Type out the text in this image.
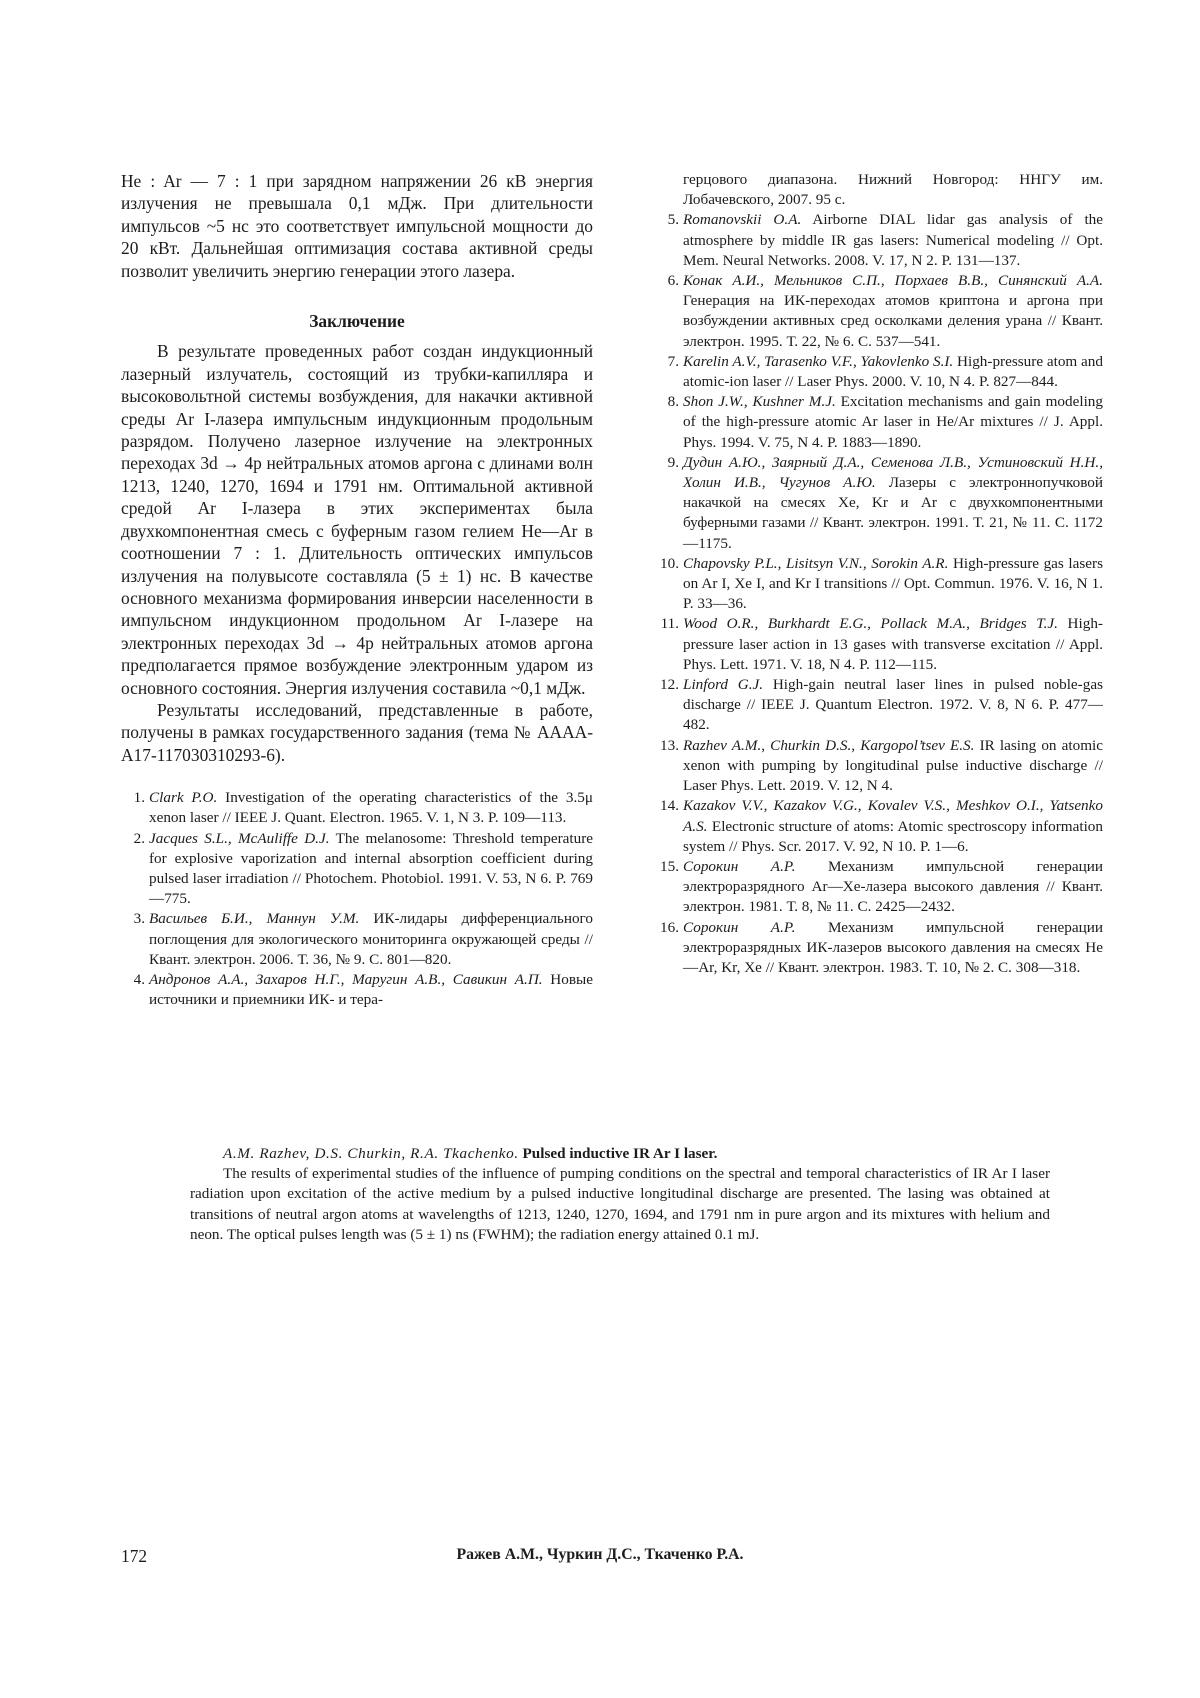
He : Ar — 7 : 1 при зарядном напряжении 26 кВ энергия излучения не превышала 0,1 мДж. При длительности импульсов ~5 нс это соответствует импульсной мощности до 20 кВт. Дальнейшая оптимизация состава активной среды позволит увеличить энергию генерации этого лазера.

Заключение

В результате проведенных работ создан индукционный лазерный излучатель, состоящий из трубки-капилляра и высоковольтной системы возбуждения, для накачки активной среды Ar I-лазера импульсным индукционным продольным разрядом. Получено лазерное излучение на электронных переходах 3d → 4p нейтральных атомов аргона с длинами волн 1213, 1240, 1270, 1694 и 1791 нм. Оптимальной активной средой Ar I-лазера в этих экспериментах была двухкомпонентная смесь с буферным газом гелием He—Ar в соотношении 7 : 1. Длительность оптических импульсов излучения на полувысоте составляла (5 ± 1) нс. В качестве основного механизма формирования инверсии населенности в импульсном индукционном продольном Ar I-лазере на электронных переходах 3d → 4p нейтральных атомов аргона предполагается прямое возбуждение электронным ударом из основного состояния. Энергия излучения составила ~0,1 мДж.

Результаты исследований, представленные в работе, получены в рамках государственного задания (тема № АААА-А17-117030310293-6).

1. Clark P.O. Investigation of the operating characteristics of the 3.5μ xenon laser // IEEE J. Quant. Electron. 1965. V. 1, N 3. P. 109—113.
2. Jacques S.L., McAuliffe D.J. The melanosome: Threshold temperature for explosive vaporization and internal absorption coefficient during pulsed laser irradiation // Photochem. Photobiol. 1991. V. 53, N 6. P. 769—775.
3. Васильев Б.И., Маннун У.М. ИК-лидары дифференциального поглощения для экологического мониторинга окружающей среды // Квант. электрон. 2006. Т. 36, № 9. С. 801—820.
4. Андронов А.А., Захаров Н.Г., Маругин А.В., Савикин А.П. Новые источники и приемники ИК- и тера-
герцового диапазона. Нижний Новгород: ННГУ им. Лобачевского, 2007. 95 с.
5. Romanovskii O.A. Airborne DIAL lidar gas analysis of the atmosphere by middle IR gas lasers: Numerical modeling // Opt. Mem. Neural Networks. 2008. V. 17, N 2. P. 131—137.
6. Конак А.И., Мельников С.П., Порхаев В.В., Синянский А.А. Генерация на ИК-переходах атомов криптона и аргона при возбуждении активных сред осколками деления урана // Квант. электрон. 1995. Т. 22, № 6. С. 537—541.
7. Karelin A.V., Tarasenko V.F., Yakovlenko S.I. High-pressure atom and atomic-ion laser // Laser Phys. 2000. V. 10, N 4. P. 827—844.
8. Shon J.W., Kushner M.J. Excitation mechanisms and gain modeling of the high-pressure atomic Ar laser in He/Ar mixtures // J. Appl. Phys. 1994. V. 75, N 4. P. 1883—1890.
9. Дудин А.Ю., Заярный Д.А., Семенова Л.В., Устиновский Н.Н., Холин И.В., Чугунов А.Ю. Лазеры с электроннопучковой накачкой на смесях Xe, Kr и Ar с двухкомпонентными буферными газами // Квант. электрон. 1991. Т. 21, № 11. С. 1172—1175.
10. Chapovsky P.L., Lisitsyn V.N., Sorokin A.R. High-pressure gas lasers on Ar I, Xe I, and Kr I transitions // Opt. Commun. 1976. V. 16, N 1. P. 33—36.
11. Wood O.R., Burkhardt E.G., Pollack M.A., Bridges T.J. High-pressure laser action in 13 gases with transverse excitation // Appl. Phys. Lett. 1971. V. 18, N 4. P. 112—115.
12. Linford G.J. High-gain neutral laser lines in pulsed noble-gas discharge // IEEE J. Quantum Electron. 1972. V. 8, N 6. P. 477—482.
13. Razhev A.M., Churkin D.S., Kargopol’tsev E.S. IR lasing on atomic xenon with pumping by longitudinal pulse inductive discharge // Laser Phys. Lett. 2019. V. 12, N 4.
14. Kazakov V.V., Kazakov V.G., Kovalev V.S., Meshkov O.I., Yatsenko A.S. Electronic structure of atoms: Atomic spectroscopy information system // Phys. Scr. 2017. V. 92, N 10. P. 1—6.
15. Сорокин А.Р. Механизм импульсной генерации электроразрядного Ar—Xe-лазера высокого давления // Квант. электрон. 1981. Т. 8, № 11. С. 2425—2432.
16. Сорокин А.Р. Механизм импульсной генерации электроразрядных ИК-лазеров высокого давления на смесях He—Ar, Kr, Xe // Квант. электрон. 1983. Т. 10, № 2. С. 308—318.
A.M. Razhev, D.S. Churkin, R.A. Tkachenko. Pulsed inductive IR Ar I laser.

The results of experimental studies of the influence of pumping conditions on the spectral and temporal characteristics of IR Ar I laser radiation upon excitation of the active medium by a pulsed inductive longitudinal discharge are presented. The lasing was obtained at transitions of neutral argon atoms at wavelengths of 1213, 1240, 1270, 1694, and 1791 nm in pure argon and its mixtures with helium and neon. The optical pulses length was (5 ± 1) ns (FWHM); the radiation energy attained 0.1 mJ.

Ражев А.М., Чуркин Д.С., Ткаченко Р.А.
172
